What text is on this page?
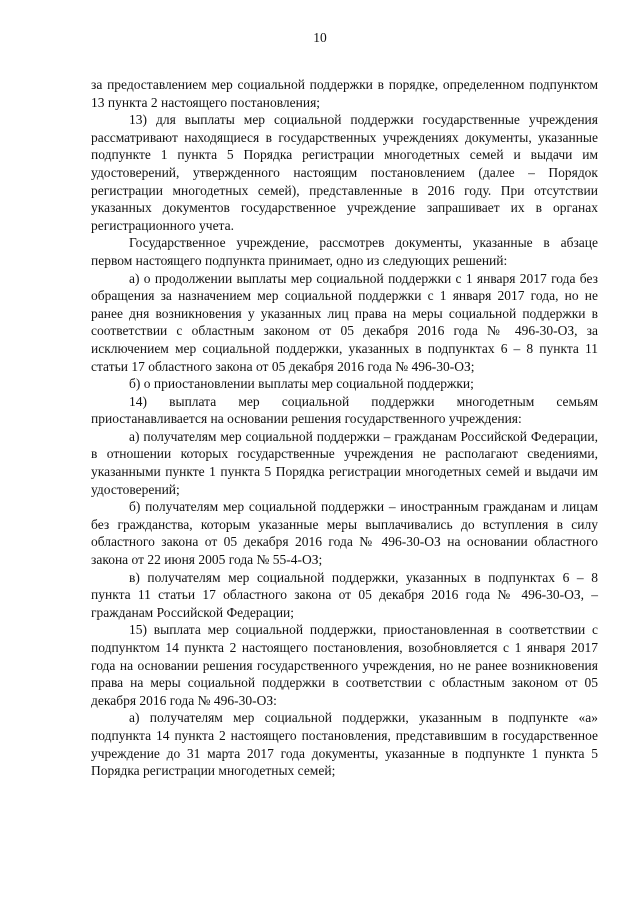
10

за предоставлением мер социальной поддержки в порядке, определенном подпунктом 13 пункта 2 настоящего постановления;

13) для выплаты мер социальной поддержки государственные учреждения рассматривают находящиеся в государственных учреждениях документы, указанные подпункте 1 пункта 5 Порядка регистрации многодетных семей и выдачи им удостоверений, утвержденного настоящим постановлением (далее – Порядок регистрации многодетных семей), представленные в 2016 году. При отсутствии указанных документов государственное учреждение запрашивает их в органах регистрационного учета.

Государственное учреждение, рассмотрев документы, указанные в абзаце первом настоящего подпункта принимает, одно из следующих решений:

а) о продолжении выплаты мер социальной поддержки с 1 января 2017 года без обращения за назначением мер социальной поддержки с 1 января 2017 года, но не ранее дня возникновения у указанных лиц права на меры социальной поддержки в соответствии с областным законом от 05 декабря 2016 года № 496-30-ОЗ, за исключением мер социальной поддержки, указанных в подпунктах 6 – 8 пункта 11 статьи 17 областного закона от 05 декабря 2016 года № 496-30-ОЗ;

б) о приостановлении выплаты мер социальной поддержки;

14) выплата мер социальной поддержки многодетным семьям приостанавливается на основании решения государственного учреждения:

а) получателям мер социальной поддержки – гражданам Российской Федерации, в отношении которых государственные учреждения не располагают сведениями, указанными пункте 1 пункта 5 Порядка регистрации многодетных семей и выдачи им удостоверений;

б) получателям мер социальной поддержки – иностранным гражданам и лицам без гражданства, которым указанные меры выплачивались до вступления в силу областного закона от 05 декабря 2016 года № 496-30-ОЗ на основании областного закона от 22 июня 2005 года № 55-4-ОЗ;

в) получателям мер социальной поддержки, указанных в подпунктах 6 – 8 пункта 11 статьи 17 областного закона от 05 декабря 2016 года № 496-30-ОЗ, – гражданам Российской Федерации;

15) выплата мер социальной поддержки, приостановленная в соответствии с подпунктом 14 пункта 2 настоящего постановления, возобновляется с 1 января 2017 года на основании решения государственного учреждения, но не ранее возникновения права на меры социальной поддержки в соответствии с областным законом от 05 декабря 2016 года № 496-30-ОЗ:

а) получателям мер социальной поддержки, указанным в подпункте «а» подпункта 14 пункта 2 настоящего постановления, представившим в государственное учреждение до 31 марта 2017 года документы, указанные в подпункте 1 пункта 5 Порядка регистрации многодетных семей;
